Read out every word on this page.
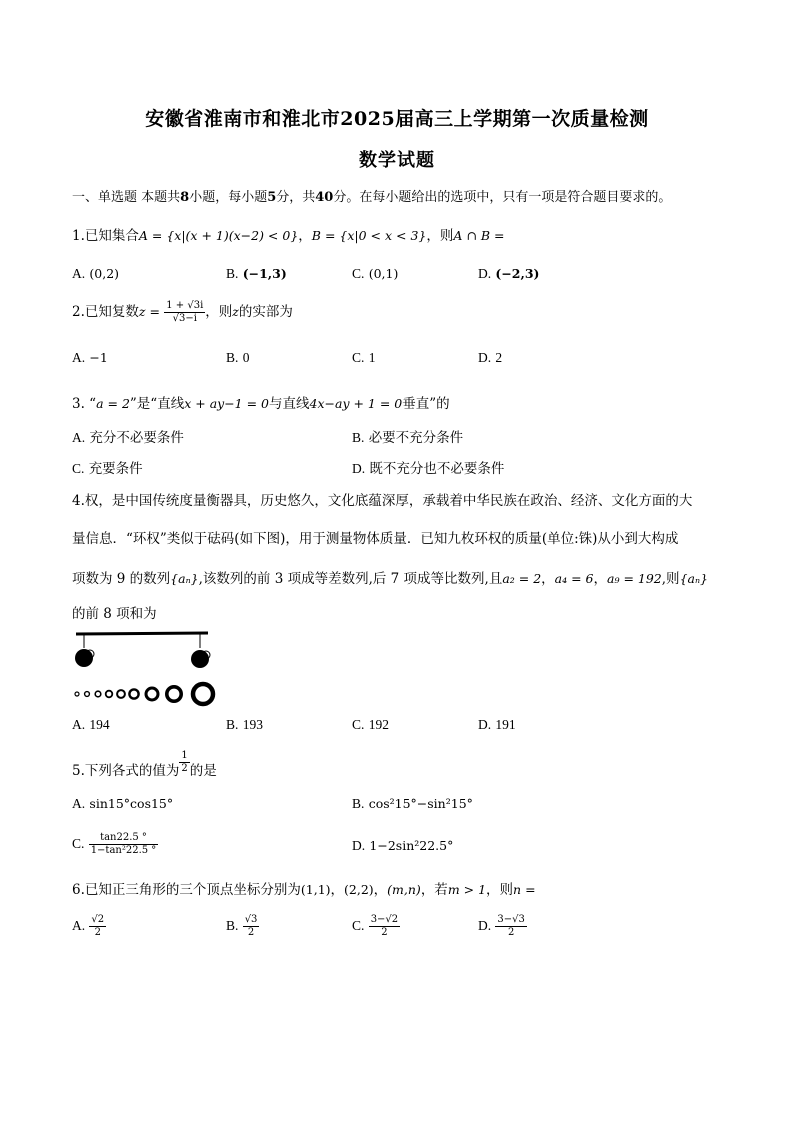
安徽省淮南市和淮北市2025届高三上学期第一次质量检测
数学试题
一、单选题 本题共8小题，每小题5分，共40分。在每小题给出的选项中，只有一项是符合题目要求的。
1.已知集合A = {x|(x + 1)(x−2) < 0}，B = {x|0 < x < 3}，则A ∩ B =
A. (0,2)	B. (−1,3)	C. (0,1)	D. (−2,3)
2.已知复数$z = \frac{1 + √3i}{√3-i}$ ，则z的实部为
A. −1	B. 0	C. 1	D. 2
3. “a = 2”是“直线x + ay−1 = 0与直线4x−ay + 1 = 0垂直”的
A. 充分不必要条件	B. 必要不充分条件
C. 充要条件	D. 既不充分也不必要条件
4.权，是中国传统度量衡器具，历史悠久，文化底蕴深厚，承载着中华民族在政治、经济、文化方面的大
量信息．“环权”类似于砝码(如下图)，用于测量物体质量．已知九枚环权的质量(单位:铢)从小到大构成
项数为 9 的数列{aₙ},该数列的前 3 项成等差数列,后 7 项成等比数列,且a₂ = 2，a₄ = 6，a₉ = 192,则{aₙ}
的前 8 项和为
A. 194	B. 193	C. 192	D. 191
5.下列各式的值为 $\frac{1}{2}$ 的是
A. sin15°cos15°	B. cos²15°−sin²15°
C. $\frac{\tan 22.5 ^\circ}{\text{1−tan²22.5 °}}$	D. 1−2sin²22.5°
6.已知正三角形的三个顶点坐标分别为(1,1)，(2,2)，(m,n)，若m > 1，则n =
A. $\frac{√2}{2}$	B. $\frac{√3}{2}$	C. $\frac{3-√2}{2}$	D. $\frac{3-√3}{2}$
